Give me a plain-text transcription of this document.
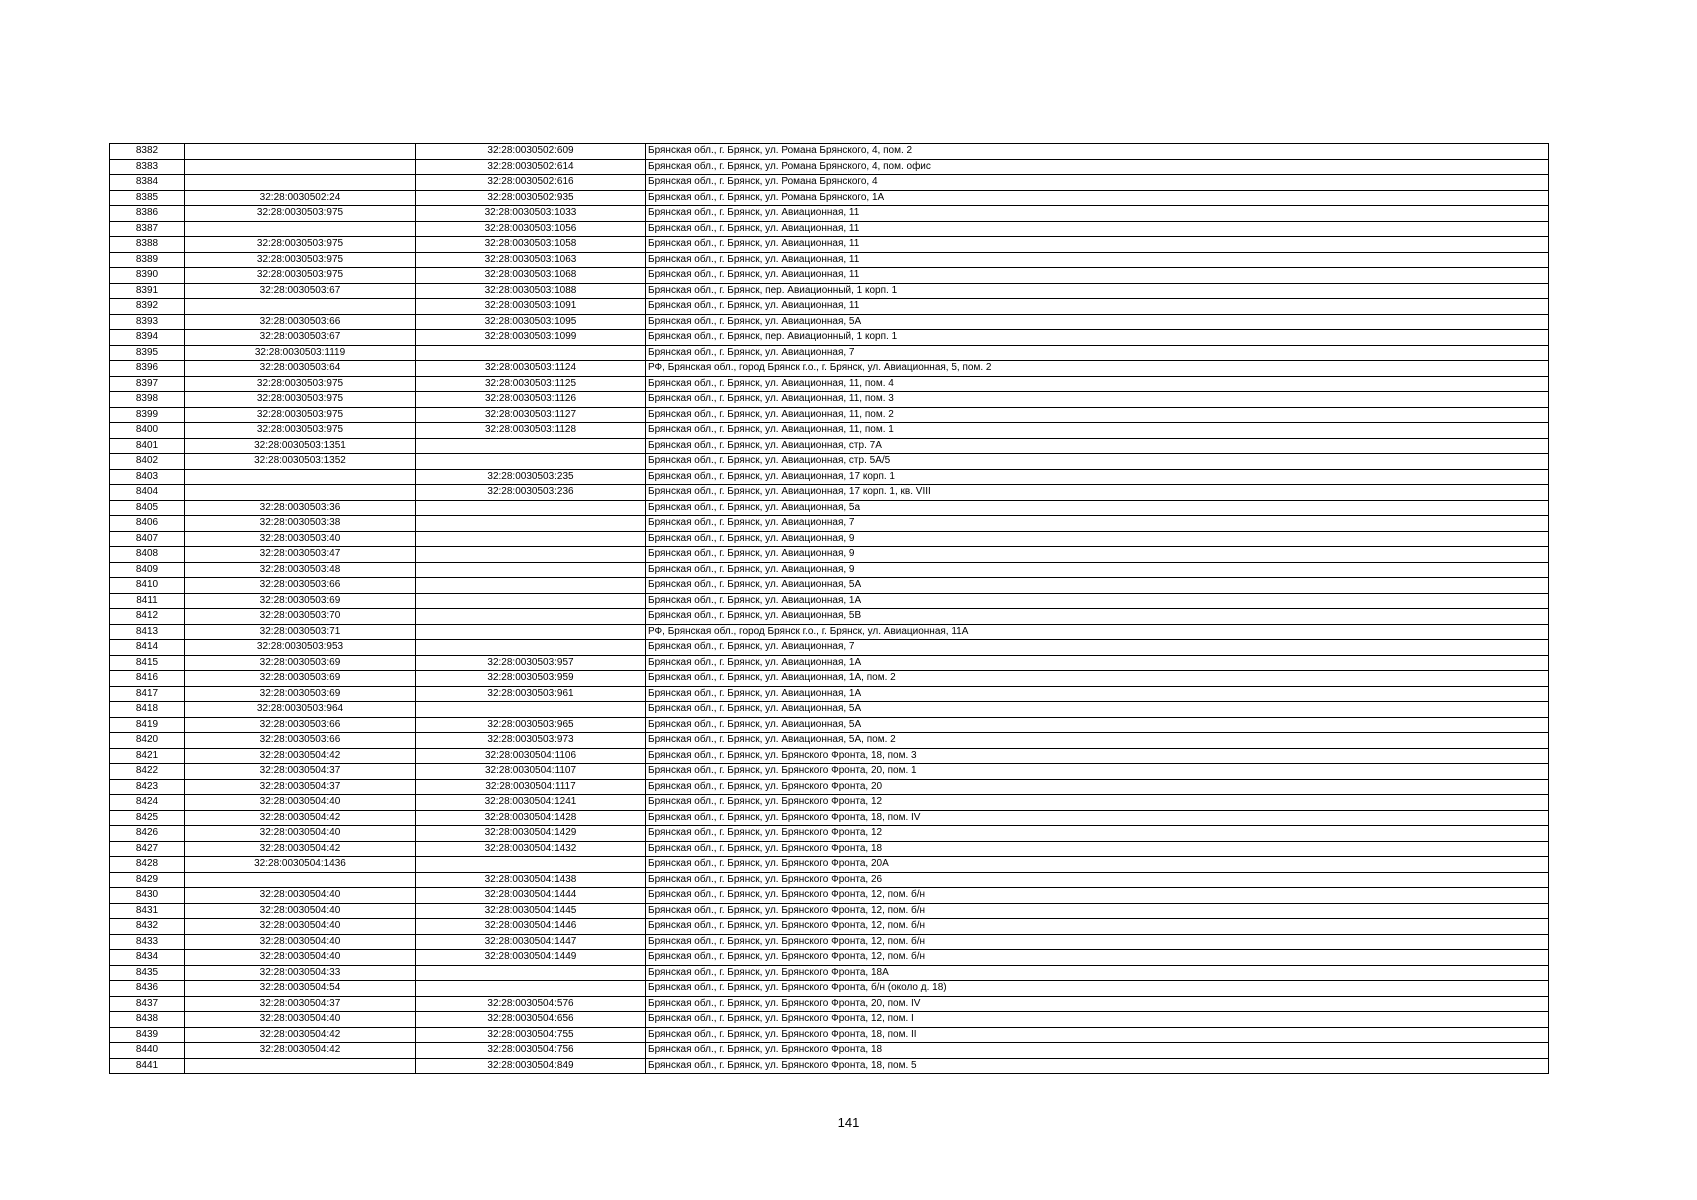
8382		32:28:0030502:609	Брянская обл., г. Брянск, ул. Романа Брянского, 4, пом. 2
8383		32:28:0030502:614	Брянская обл., г. Брянск, ул. Романа Брянского, 4, пом. офис
8384		32:28:0030502:616	Брянская обл., г. Брянск, ул. Романа Брянского, 4
8385	32:28:0030502:24	32:28:0030502:935	Брянская обл., г. Брянск, ул. Романа Брянского, 1А
8386	32:28:0030503:975	32:28:0030503:1033	Брянская обл., г. Брянск, ул. Авиационная, 11
8387		32:28:0030503:1056	Брянская обл., г. Брянск, ул. Авиационная, 11
8388	32:28:0030503:975	32:28:0030503:1058	Брянская обл., г. Брянск, ул. Авиационная, 11
8389	32:28:0030503:975	32:28:0030503:1063	Брянская обл., г. Брянск, ул. Авиационная, 11
8390	32:28:0030503:975	32:28:0030503:1068	Брянская обл., г. Брянск, ул. Авиационная, 11
8391	32:28:0030503:67	32:28:0030503:1088	Брянская обл., г. Брянск, пер. Авиационный, 1 корп. 1
8392		32:28:0030503:1091	Брянская обл., г. Брянск, ул. Авиационная, 11
8393	32:28:0030503:66	32:28:0030503:1095	Брянская обл., г. Брянск, ул. Авиационная, 5А
8394	32:28:0030503:67	32:28:0030503:1099	Брянская обл., г. Брянск, пер. Авиационный, 1 корп. 1
8395	32:28:0030503:1119		Брянская обл., г. Брянск, ул. Авиационная, 7
8396	32:28:0030503:64	32:28:0030503:1124	РФ, Брянская обл., город Брянск г.о., г. Брянск, ул. Авиационная, 5, пом. 2
8397	32:28:0030503:975	32:28:0030503:1125	Брянская обл., г. Брянск, ул. Авиационная, 11, пом. 4
8398	32:28:0030503:975	32:28:0030503:1126	Брянская обл., г. Брянск, ул. Авиационная, 11, пом. 3
8399	32:28:0030503:975	32:28:0030503:1127	Брянская обл., г. Брянск, ул. Авиационная, 11, пом. 2
8400	32:28:0030503:975	32:28:0030503:1128	Брянская обл., г. Брянск, ул. Авиационная, 11, пом. 1
8401	32:28:0030503:1351		Брянская обл., г. Брянск, ул. Авиационная, стр. 7А
8402	32:28:0030503:1352		Брянская обл., г. Брянск, ул. Авиационная, стр. 5А/5
8403		32:28:0030503:235	Брянская обл., г. Брянск, ул. Авиационная, 17 корп. 1
8404		32:28:0030503:236	Брянская обл., г. Брянск, ул. Авиационная, 17 корп. 1, кв. VIII
8405	32:28:0030503:36		Брянская обл., г. Брянск, ул. Авиационная, 5а
8406	32:28:0030503:38		Брянская обл., г. Брянск, ул. Авиационная, 7
8407	32:28:0030503:40		Брянская обл., г. Брянск, ул. Авиационная, 9
8408	32:28:0030503:47		Брянская обл., г. Брянск, ул. Авиационная, 9
8409	32:28:0030503:48		Брянская обл., г. Брянск, ул. Авиационная, 9
8410	32:28:0030503:66		Брянская обл., г. Брянск, ул. Авиационная, 5А
8411	32:28:0030503:69		Брянская обл., г. Брянск, ул. Авиационная, 1А
8412	32:28:0030503:70		Брянская обл., г. Брянск, ул. Авиационная, 5В
8413	32:28:0030503:71		РФ, Брянская обл., город Брянск г.о., г. Брянск, ул. Авиационная, 11А
8414	32:28:0030503:953		Брянская обл., г. Брянск, ул. Авиационная, 7
8415	32:28:0030503:69	32:28:0030503:957	Брянская обл., г. Брянск, ул. Авиационная, 1А
8416	32:28:0030503:69	32:28:0030503:959	Брянская обл., г. Брянск, ул. Авиационная, 1А, пом. 2
8417	32:28:0030503:69	32:28:0030503:961	Брянская обл., г. Брянск, ул. Авиационная, 1А
8418	32:28:0030503:964		Брянская обл., г. Брянск, ул. Авиационная, 5А
8419	32:28:0030503:66	32:28:0030503:965	Брянская обл., г. Брянск, ул. Авиационная, 5А
8420	32:28:0030503:66	32:28:0030503:973	Брянская обл., г. Брянск, ул. Авиационная, 5А, пом. 2
8421	32:28:0030504:42	32:28:0030504:1106	Брянская обл., г. Брянск, ул. Брянского Фронта, 18, пом. 3
8422	32:28:0030504:37	32:28:0030504:1107	Брянская обл., г. Брянск, ул. Брянского Фронта, 20, пом. 1
8423	32:28:0030504:37	32:28:0030504:1117	Брянская обл., г. Брянск, ул. Брянского Фронта, 20
8424	32:28:0030504:40	32:28:0030504:1241	Брянская обл., г. Брянск, ул. Брянского Фронта, 12
8425	32:28:0030504:42	32:28:0030504:1428	Брянская обл., г. Брянск, ул. Брянского Фронта, 18, пом. IV
8426	32:28:0030504:40	32:28:0030504:1429	Брянская обл., г. Брянск, ул. Брянского Фронта, 12
8427	32:28:0030504:42	32:28:0030504:1432	Брянская обл., г. Брянск, ул. Брянского Фронта, 18
8428	32:28:0030504:1436		Брянская обл., г. Брянск, ул. Брянского Фронта, 20А
8429		32:28:0030504:1438	Брянская обл., г. Брянск, ул. Брянского Фронта, 26
8430	32:28:0030504:40	32:28:0030504:1444	Брянская обл., г. Брянск, ул. Брянского Фронта, 12, пом. б/н
8431	32:28:0030504:40	32:28:0030504:1445	Брянская обл., г. Брянск, ул. Брянского Фронта, 12, пом. б/н
8432	32:28:0030504:40	32:28:0030504:1446	Брянская обл., г. Брянск, ул. Брянского Фронта, 12, пом. б/н
8433	32:28:0030504:40	32:28:0030504:1447	Брянская обл., г. Брянск, ул. Брянского Фронта, 12, пом. б/н
8434	32:28:0030504:40	32:28:0030504:1449	Брянская обл., г. Брянск, ул. Брянского Фронта, 12, пом. б/н
8435	32:28:0030504:33		Брянская обл., г. Брянск, ул. Брянского Фронта, 18А
8436	32:28:0030504:54		Брянская обл., г. Брянск, ул. Брянского Фронта, б/н (около д. 18)
8437	32:28:0030504:37	32:28:0030504:576	Брянская обл., г. Брянск, ул. Брянского Фронта, 20, пом. IV
8438	32:28:0030504:40	32:28:0030504:656	Брянская обл., г. Брянск, ул. Брянского Фронта, 12, пом. I
8439	32:28:0030504:42	32:28:0030504:755	Брянская обл., г. Брянск, ул. Брянского Фронта, 18, пом. II
8440	32:28:0030504:42	32:28:0030504:756	Брянская обл., г. Брянск, ул. Брянского Фронта, 18
8441		32:28:0030504:849	Брянская обл., г. Брянск, ул. Брянского Фронта, 18, пом. 5
141
